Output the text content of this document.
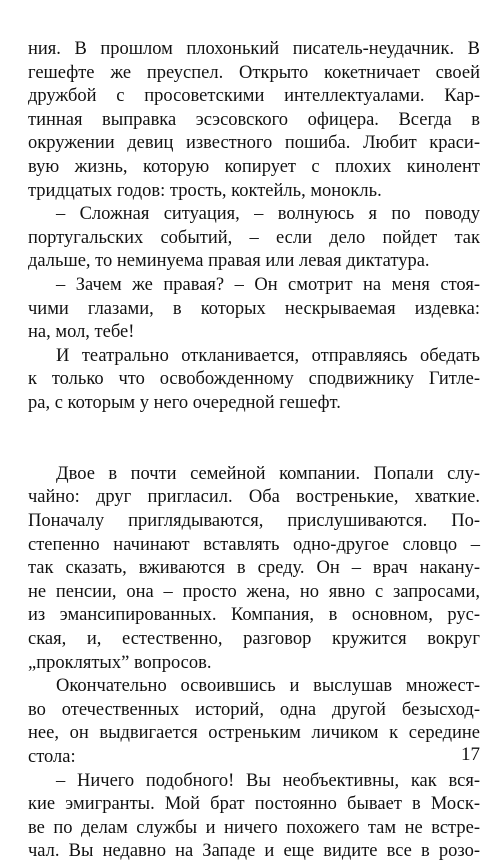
ния. В прошлом плохонький писатель-неудачник. В
гешефте же преуспел. Открыто кокетничает своей
дружбой с просоветскими интеллектуалами. Кар-
тинная выправка эсэсовского офицера. Всегда в
окружении девиц известного пошиба. Любит краси-
вую жизнь, которую копирует с плохих кинолент
тридцатых годов: трость, коктейль, монокль.
– Сложная ситуация, – волнуюсь я по поводу
португальских событий, – если дело пойдет так
дальше, то неминуема правая или левая диктатура.
– Зачем же правая? – Он смотрит на меня стоя-
чими глазами, в которых нескрываемая издевка:
на, мол, тебе!
И театрально откланивается, отправляясь обедать
к только что освобожденному сподвижнику Гитле-
ра, с которым у него очередной гешефт.
Двое в почти семейной компании. Попали слу-
чайно: друг пригласил. Оба востренькие, хваткие.
Поначалу приглядываются, прислушиваются. По-
степенно начинают вставлять одно-другое словцо –
так сказать, вживаются в среду. Он – врач накану-
не пенсии, она – просто жена, но явно с запросами,
из эмансипированных. Компания, в основном, рус-
ская, и, естественно, разговор кружится вокруг
„проклятых” вопросов.
Окончательно освоившись и выслушав множест-
во отечественных историй, одна другой безысход-
нее, он выдвигается остреньким личиком к середине
стола:
– Ничего подобного! Вы необъективны, как вся-
кие эмигранты. Мой брат постоянно бывает в Моск-
ве по делам службы и ничего похожего там не встре-
чал. Вы недавно на Западе и еще видите все в розо-
17
